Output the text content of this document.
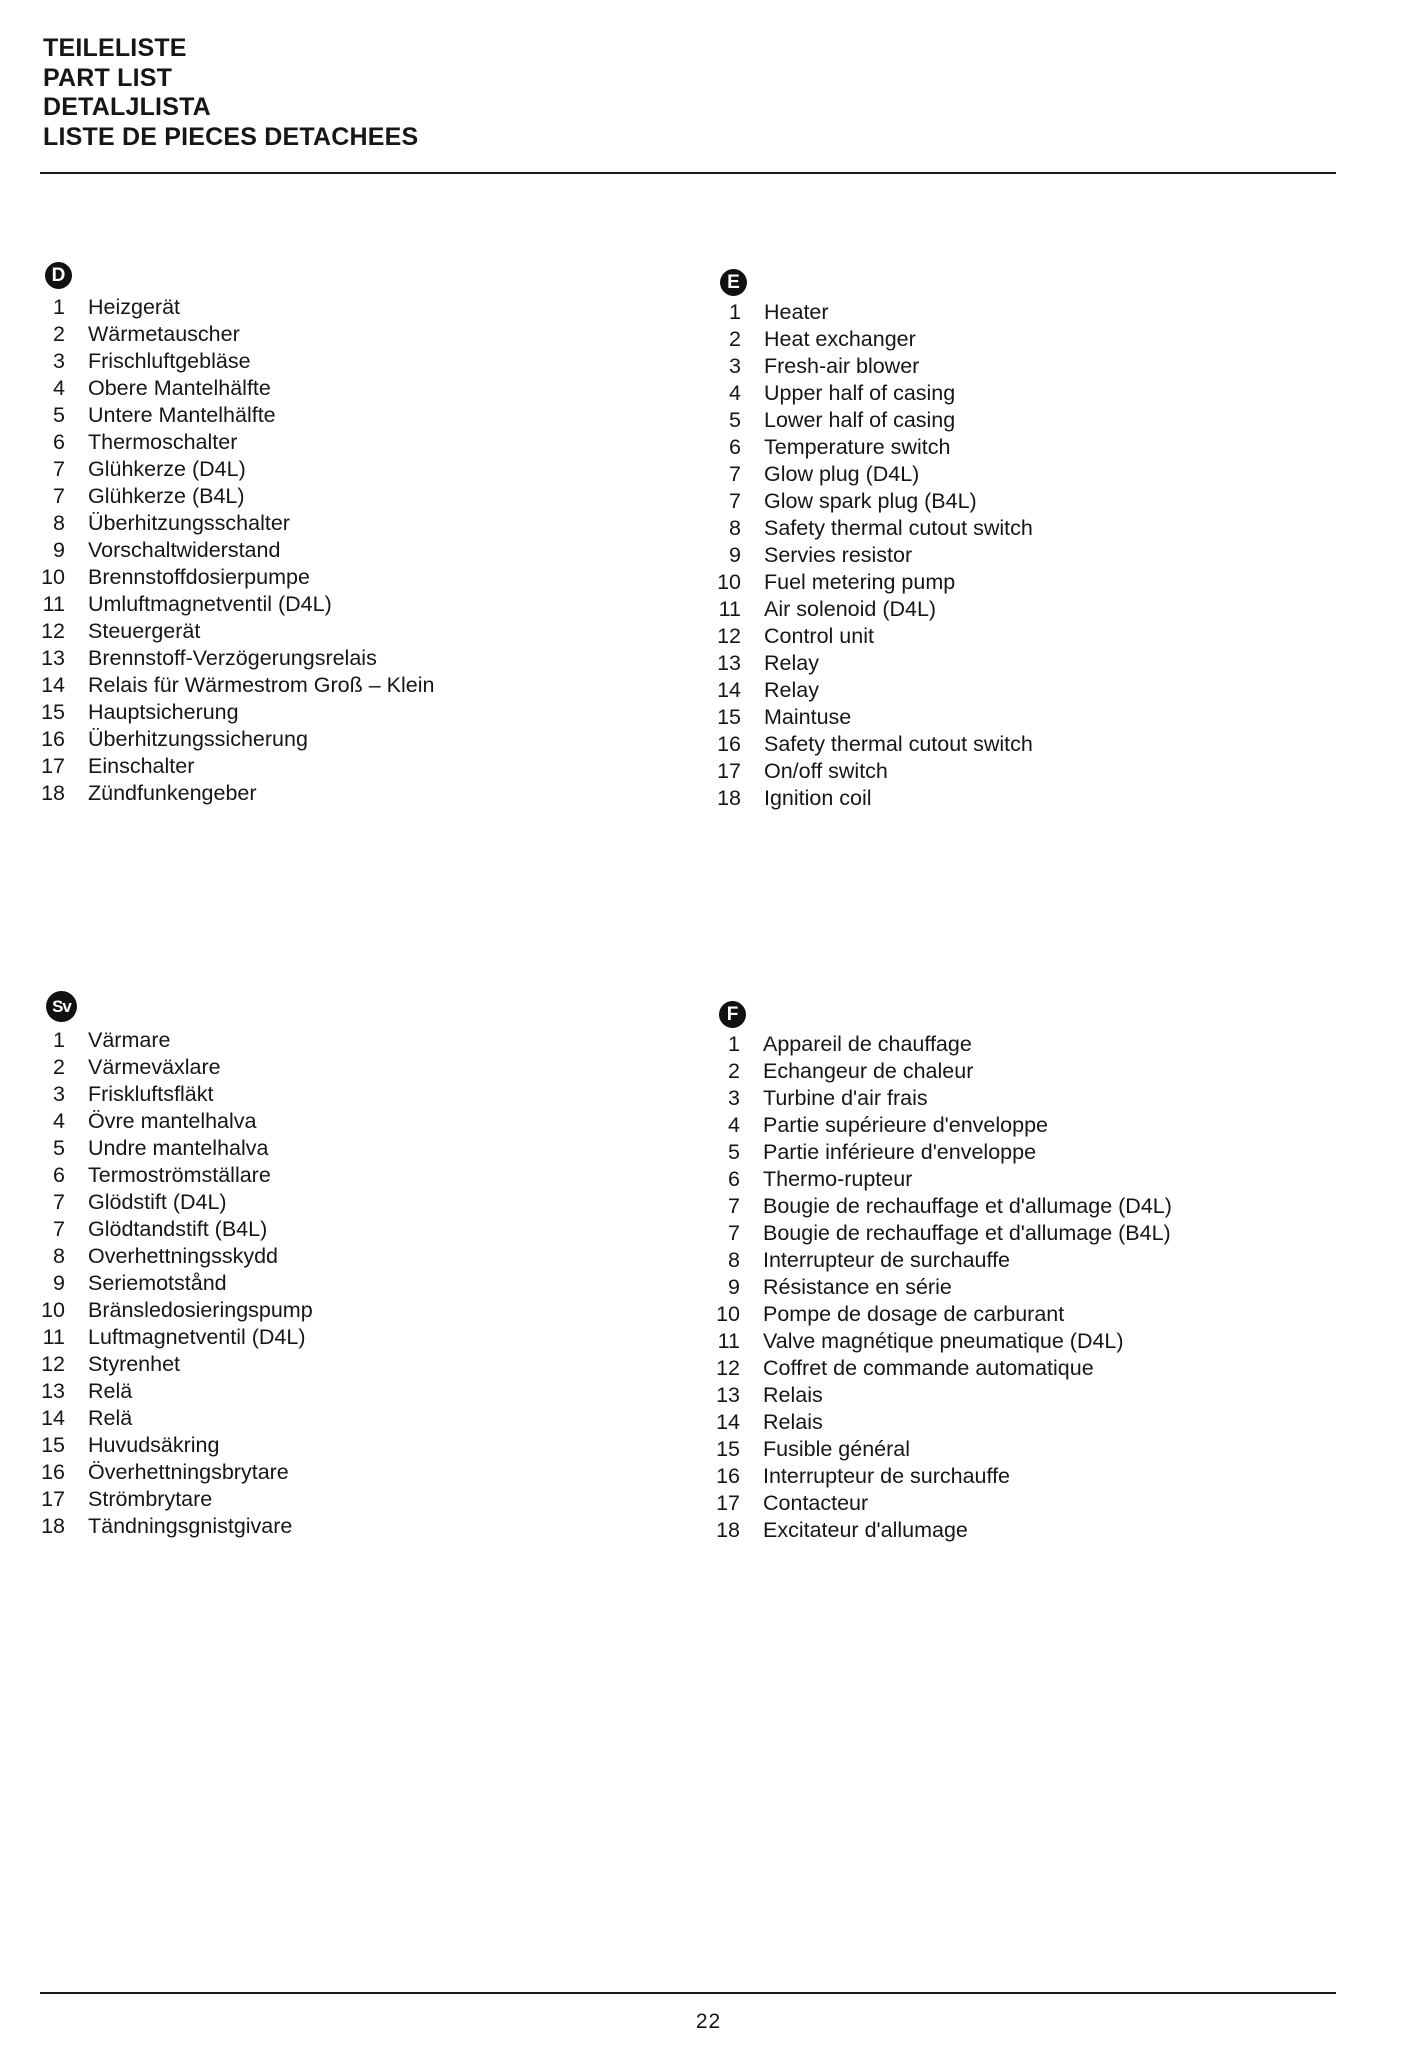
TEILELISTE

PART LIST

DETALJLISTA

LISTE DE PIECES DETACHEES

D
1 Heizgerät
2 Wärmetauscher
3 Frischluftgebläse
4 Obere Mantelhälfte
5 Untere Mantelhälfte
6 Thermoschalter
7 Glühkerze (D4L)
7 Glühkerze (B4L)
8 Überhitzungsschalter
9 Vorschaltwiderstand
10 Brennstoffdosierpumpe
11 Umluftmagnetventil (D4L)
12 Steuergerät
13 Brennstoff-Verzögerungsrelais
14 Relais für Wärmestrom Groß – Klein
15 Hauptsicherung
16 Überhitzungssicherung
17 Einschalter
18 Zündfunkengeber
E
1 Heater
2 Heat exchanger
3 Fresh-air blower
4 Upper half of casing
5 Lower half of casing
6 Temperature switch
7 Glow plug (D4L)
7 Glow spark plug (B4L)
8 Safety thermal cutout switch
9 Servies resistor
10 Fuel metering pump
11 Air solenoid (D4L)
12 Control unit
13 Relay
14 Relay
15 Maintuse
16 Safety thermal cutout switch
17 On/off switch
18 Ignition coil
Sv
1 Värmare
2 Värmeväxlare
3 Friskluftsfläkt
4 Övre mantelhalva
5 Undre mantelhalva
6 Termoströmställare
7 Glödstift (D4L)
7 Glödtandstift (B4L)
8 Overhettningsskydd
9 Seriemotstånd
10 Bränsledosieringspump
11 Luftmagnetventil (D4L)
12 Styrenhet
13 Relä
14 Relä
15 Huvudsäkring
16 Överhettningsbrytare
17 Strömbrytare
18 Tändningsgnistgivare
F
1 Appareil de chauffage
2 Echangeur de chaleur
3 Turbine d'air frais
4 Partie supérieure d'enveloppe
5 Partie inférieure d'enveloppe
6 Thermo-rupteur
7 Bougie de rechauffage et d'allumage (D4L)
7 Bougie de rechauffage et d'allumage (B4L)
8 Interrupteur de surchauffe
9 Résistance en série
10 Pompe de dosage de carburant
11 Valve magnétique pneumatique (D4L)
12 Coffret de commande automatique
13 Relais
14 Relais
15 Fusible général
16 Interrupteur de surchauffe
17 Contacteur
18 Excitateur d'allumage
22
